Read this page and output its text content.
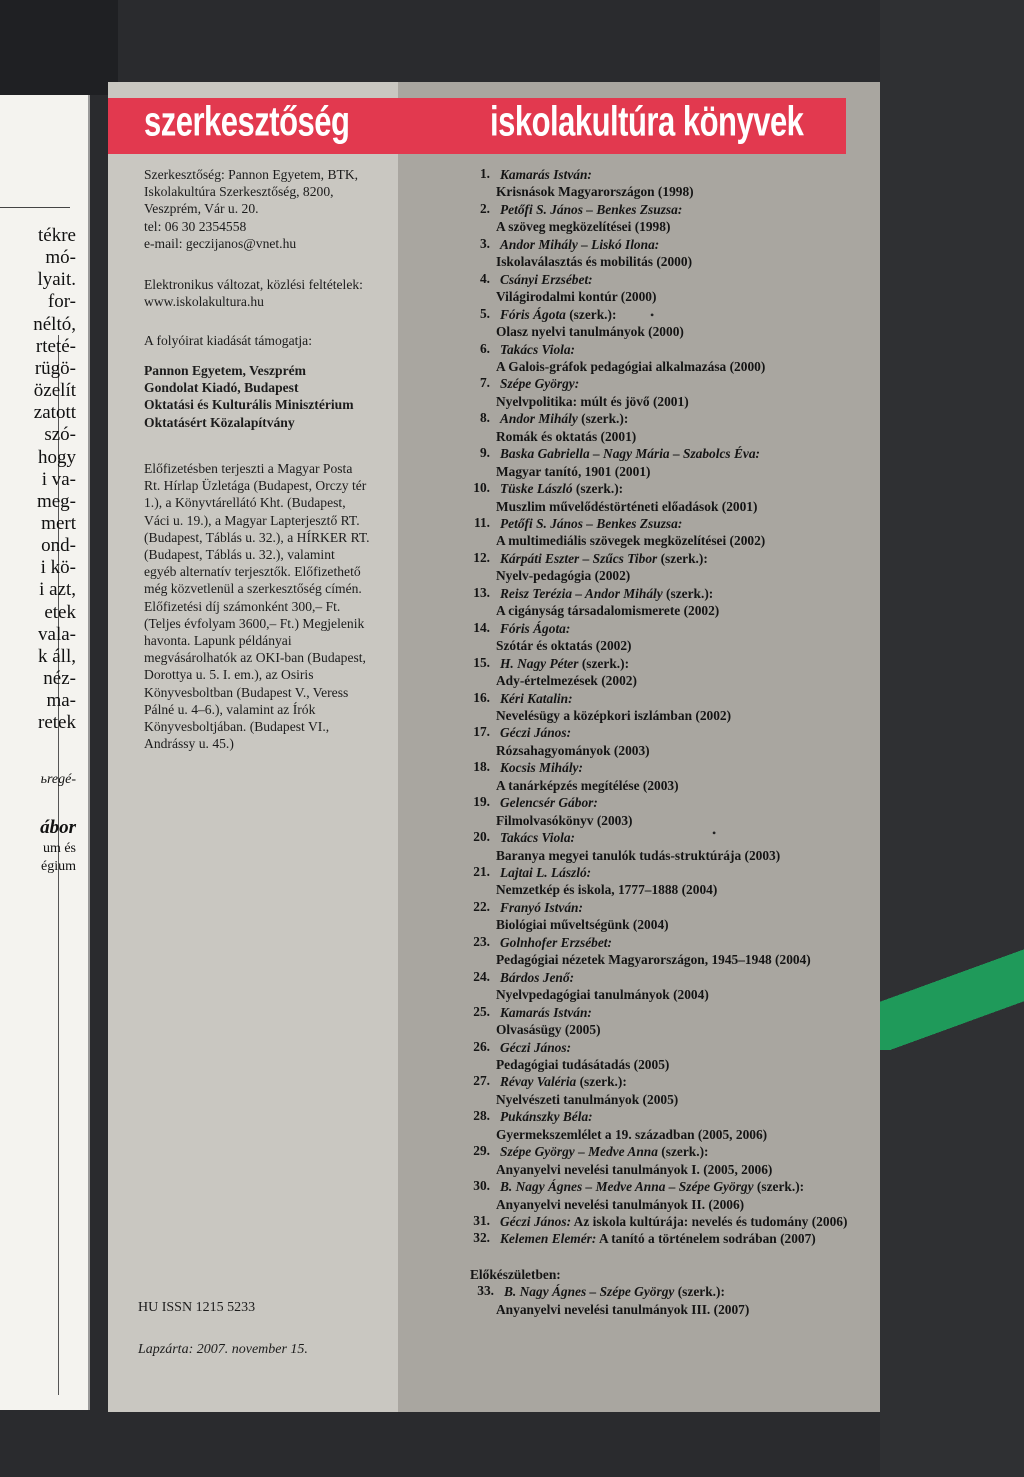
tékre
mó-
lyait.
for-
néltó,
rteté-
rügö-
özelít
zatott
szó-
hogy
i va-
meg-
mert
ond-
i kö-
i azt,
etek
vala-
k áll,
néz-
ma-
retek
ьregé-
ábor
um és
égium
szerkesztőség	iskolakultúra könyvek
Szerkesztőség: Pannon Egyetem, BTK,
Iskolakultúra Szerkesztőség, 8200,
Veszprém, Vár u. 20.
tel: 06 30 2354558
e-mail: geczijanos@vnet.hu
Elektronikus változat, közlési feltételek:
www.iskolakultura.hu
A folyóirat kiadását támogatja:
Pannon Egyetem, Veszprém
Gondolat Kiadó, Budapest
Oktatási és Kulturális Minisztérium
Oktatásért Közalapítvány
Előfizetésben terjeszti a Magyar Posta
Rt. Hírlap Üzletága (Budapest, Orczy tér
1.), a Könyvtárellátó Kht. (Budapest,
Váci u. 19.), a Magyar Lapterjesztő RT.
(Budapest, Táblás u. 32.), a HÍRKER RT.
(Budapest, Táblás u. 32.), valamint
egyéb alternatív terjesztők. Előfizethető
még közvetlenül a szerkesztőség címén.
Előfizetési díj számonként 300,– Ft.
(Teljes évfolyam 3600,– Ft.) Megjelenik
havonta. Lapunk példányai
megvásárolhatók az OKI-ban (Budapest,
Dorottya u. 5. I. em.), az Osiris
Könyvesboltban (Budapest V., Veress
Pálné u. 4–6.), valamint az Írók
Könyvesboltjában. (Budapest VI.,
Andrássy u. 45.)
HU ISSN 1215 5233
Lapzárta: 2007. november 15.
1. Kamarás István:
Krisnások Magyarországon (1998)
2. Petőfi S. János – Benkes Zsuzsa:
A szöveg megközelítései (1998)
3. Andor Mihály – Liskó Ilona:
Iskolaválasztás és mobilitás (2000)
4. Csányi Erzsébet:
Világirodalmi kontúr (2000)
5. Fóris Ágota (szerk.):
Olasz nyelvi tanulmányok (2000)
6. Takács Viola:
A Galois-gráfok pedagógiai alkalmazása (2000)
7. Szépe György:
Nyelvpolitika: múlt és jövő (2001)
8. Andor Mihály (szerk.):
Romák és oktatás (2001)
9. Baska Gabriella – Nagy Mária – Szabolcs Éva:
Magyar tanító, 1901 (2001)
10. Tüske László (szerk.):
Muszlim művelődéstörténeti előadások (2001)
11. Petőfi S. János – Benkes Zsuzsa:
A multimediális szövegek megközelítései (2002)
12. Kárpáti Eszter – Szűcs Tibor (szerk.):
Nyelv-pedagógia (2002)
13. Reisz Terézia – Andor Mihály (szerk.):
A cigányság társadalomismerete (2002)
14. Fóris Ágota:
Szótár és oktatás (2002)
15. H. Nagy Péter (szerk.):
Ady-értelmezések (2002)
16. Kéri Katalin:
Nevelésügy a középkori iszlámban (2002)
17. Géczi János:
Rózsahagyományok (2003)
18. Kocsis Mihály:
A tanárképzés megítélése (2003)
19. Gelencsér Gábor:
Filmolvasókönyv (2003)
20. Takács Viola:
Baranya megyei tanulók tudás-struktúrája (2003)
21. Lajtai L. László:
Nemzetkép és iskola, 1777–1888 (2004)
22. Franyó István:
Biológiai műveltségünk (2004)
23. Golnhofer Erzsébet:
Pedagógiai nézetek Magyarországon, 1945–1948 (2004)
24. Bárdos Jenő:
Nyelvpedagógiai tanulmányok (2004)
25. Kamarás István:
Olvasásügy (2005)
26. Géczi János:
Pedagógiai tudásátadás (2005)
27. Révay Valéria (szerk.):
Nyelvészeti tanulmányok (2005)
28. Pukánszky Béla:
Gyermekszemlélet a 19. században (2005, 2006)
29. Szépe György – Medve Anna (szerk.):
Anyanyelvi nevelési tanulmányok I. (2005, 2006)
30. B. Nagy Ágnes – Medve Anna – Szépe György (szerk.):
Anyanyelvi nevelési tanulmányok II. (2006)
31. Géczi János: Az iskola kultúrája: nevelés és tudomány (2006)
32. Kelemen Elemér: A tanító a történelem sodrában (2007)
Előkészületben:
33. B. Nagy Ágnes – Szépe György (szerk.):
Anyanyelvi nevelési tanulmányok III. (2007)
•
•
